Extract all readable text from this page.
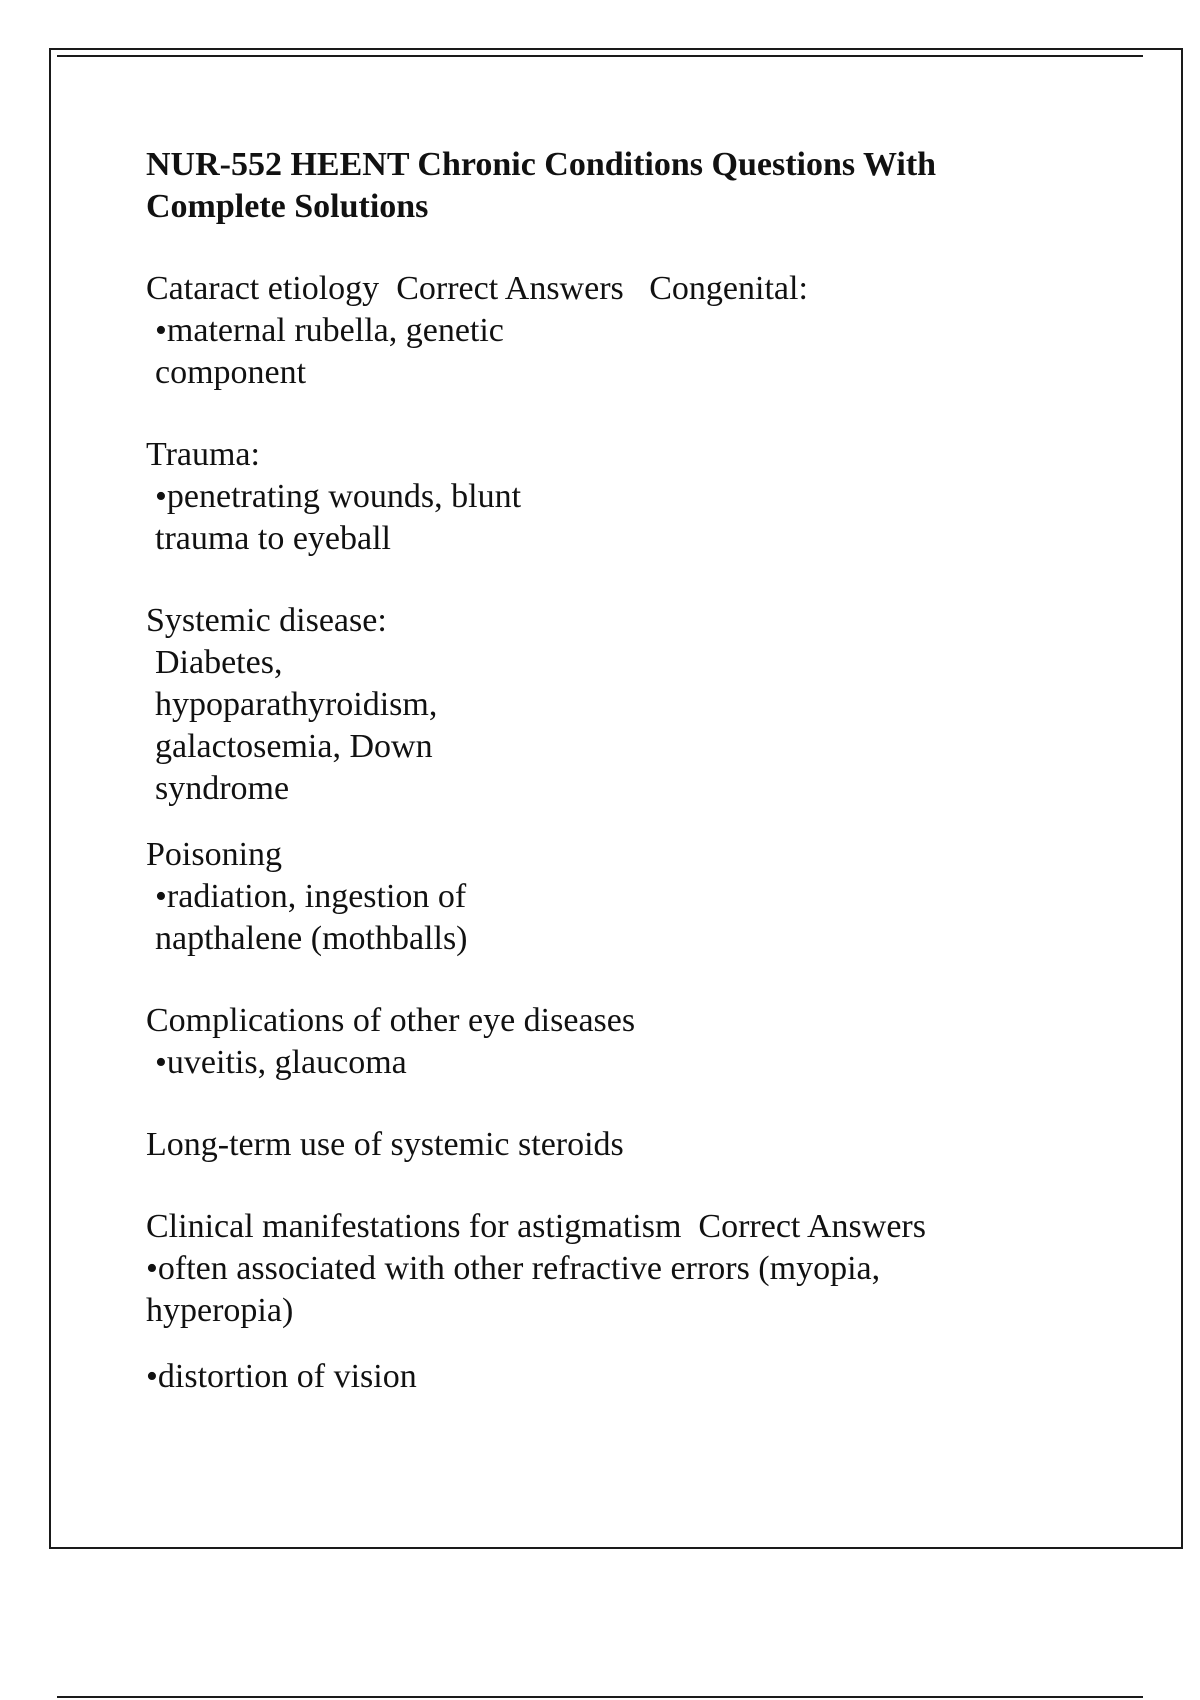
NUR-552 HEENT Chronic Conditions Questions With Complete Solutions
Cataract etiology Correct Answers Congenital:
•maternal rubella, genetic
component
Trauma:
•penetrating wounds, blunt
trauma to eyeball
Systemic disease:
Diabetes,
hypoparathyroidism,
galactosemia, Down
syndrome
Poisoning
•radiation, ingestion of
napthalene (mothballs)
Complications of other eye diseases
•uveitis, glaucoma
Long-term use of systemic steroids
Clinical manifestations for astigmatism Correct Answers
•often associated with other refractive errors (myopia,
hyperopia)
•distortion of vision
